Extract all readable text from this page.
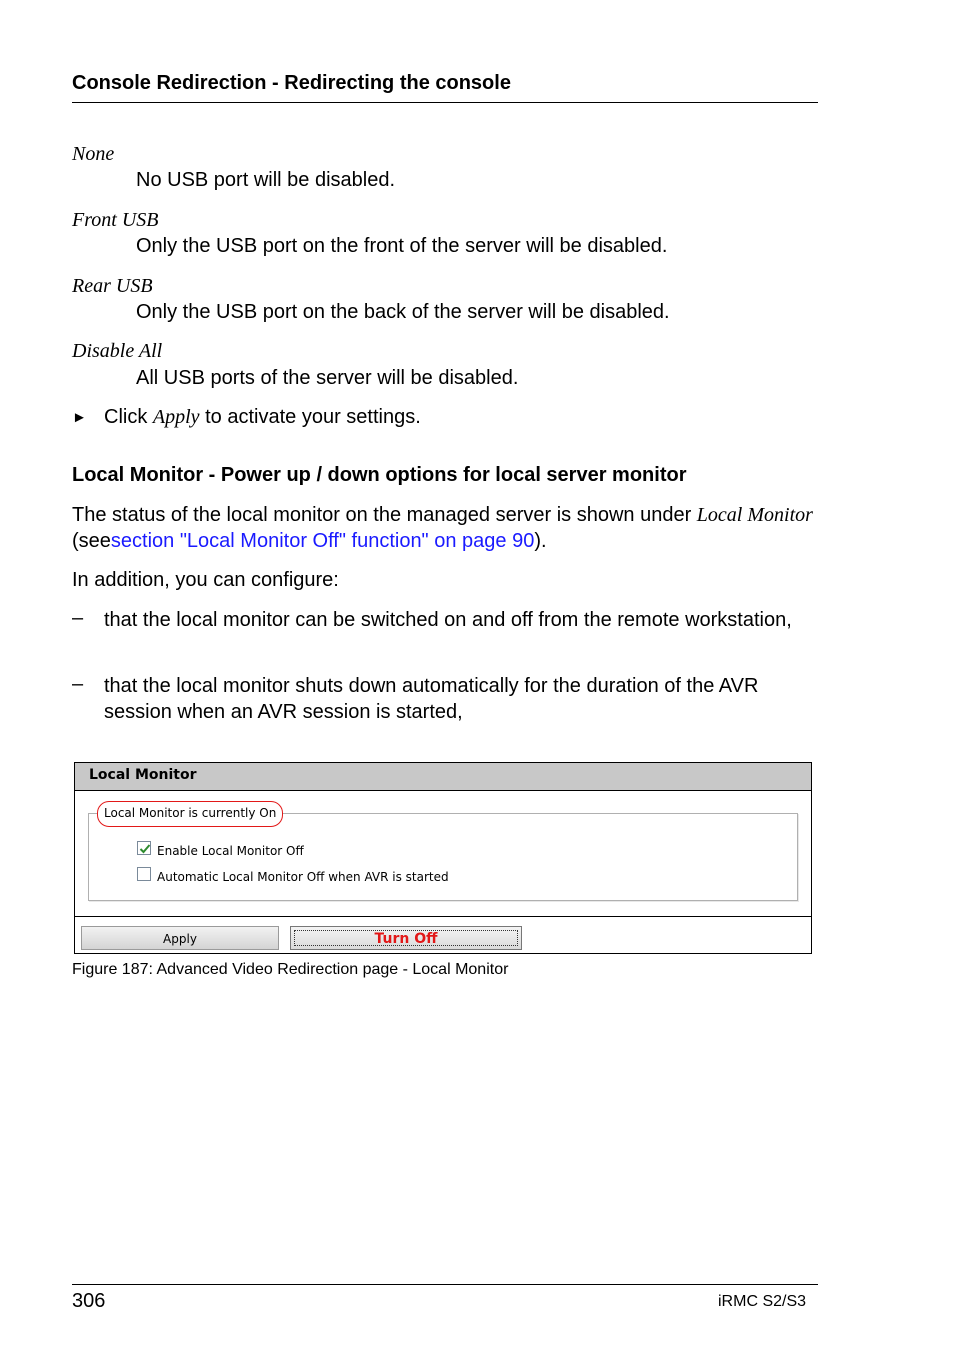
Console Redirection - Redirecting the console
None
No USB port will be disabled.
Front USB
Only the USB port on the front of the server will be disabled.
Rear USB
Only the USB port on the back of the server will be disabled.
Disable All
All USB ports of the server will be disabled.
► Click Apply to activate your settings.
Local Monitor - Power up / down options for local server monitor
The status of the local monitor on the managed server is shown under Local Monitor (seesection "Local Monitor Off" function" on page 90).
In addition, you can configure:
– that the local monitor can be switched on and off from the remote workstation,
– that the local monitor shuts down automatically for the duration of the AVR session when an AVR session is started,
Local Monitor
Local Monitor is currently On
Enable Local Monitor Off
Automatic Local Monitor Off when AVR is started
Apply	Turn Off
Figure 187: Advanced Video Redirection page - Local Monitor
306	iRMC S2/S3
